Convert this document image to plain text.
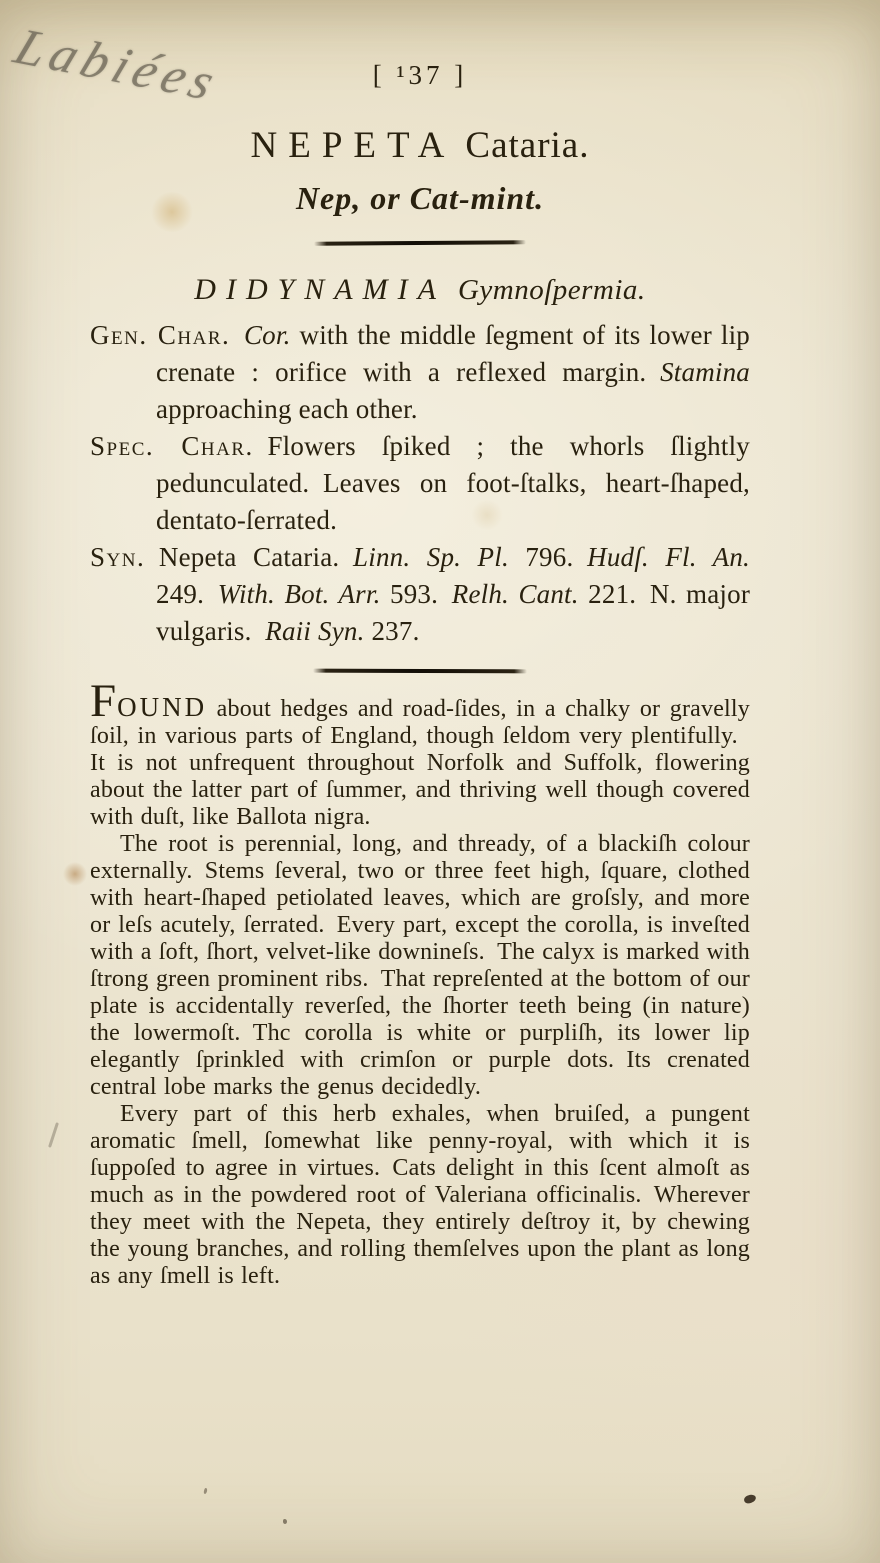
Labiées	[ ¹37 ]
NEPETA Cataria.
Nep, or Cat-mint.
DIDYNAMIA Gymnoſpermia.
Gen. Char.  Cor. with the middle ſegment of its lower lip crenate : orifice with a reflexed margin. Stamina approaching each other.
Spec. Char. Flowers ſpiked ; the whorls ſlightly pedunculated. Leaves on foot-ſtalks, heart-ſhaped, dentato-ſerrated.
Syn. Nepeta Cataria. Linn. Sp. Pl. 796. Hudſ. Fl. An. 249. With. Bot. Arr. 593. Relh. Cant. 221. N. major vulgaris. Raii Syn. 237.

FOUND about hedges and road-ſides, in a chalky or gravelly ſoil, in various parts of England, though ſeldom very plentifully. It is not unfrequent throughout Norfolk and Suffolk, flowering about the latter part of ſummer, and thriving well though covered with duſt, like Ballota nigra.

The root is perennial, long, and thready, of a blackiſh colour externally. Stems ſeveral, two or three feet high, ſquare, clothed with heart-ſhaped petiolated leaves, which are groſsly, and more or leſs acutely, ſerrated. Every part, except the corolla, is inveſted with a ſoft, ſhort, velvet-like downineſs. The calyx is marked with ſtrong green prominent ribs. That repreſented at the bottom of our plate is accidentally reverſed, the ſhorter teeth being (in nature) the lowermoſt. Thc corolla is white or purpliſh, its lower lip elegantly ſprinkled with crimſon or purple dots. Its crenated central lobe marks the genus decidedly.

Every part of this herb exhales, when bruiſed, a pungent aromatic ſmell, ſomewhat like penny-royal, with which it is ſuppoſed to agree in virtues. Cats delight in this ſcent almoſt as much as in the powdered root of Valeriana officinalis. Wherever they meet with the Nepeta, they entirely deſtroy it, by chewing the young branches, and rolling themſelves upon the plant as long as any ſmell is left.
